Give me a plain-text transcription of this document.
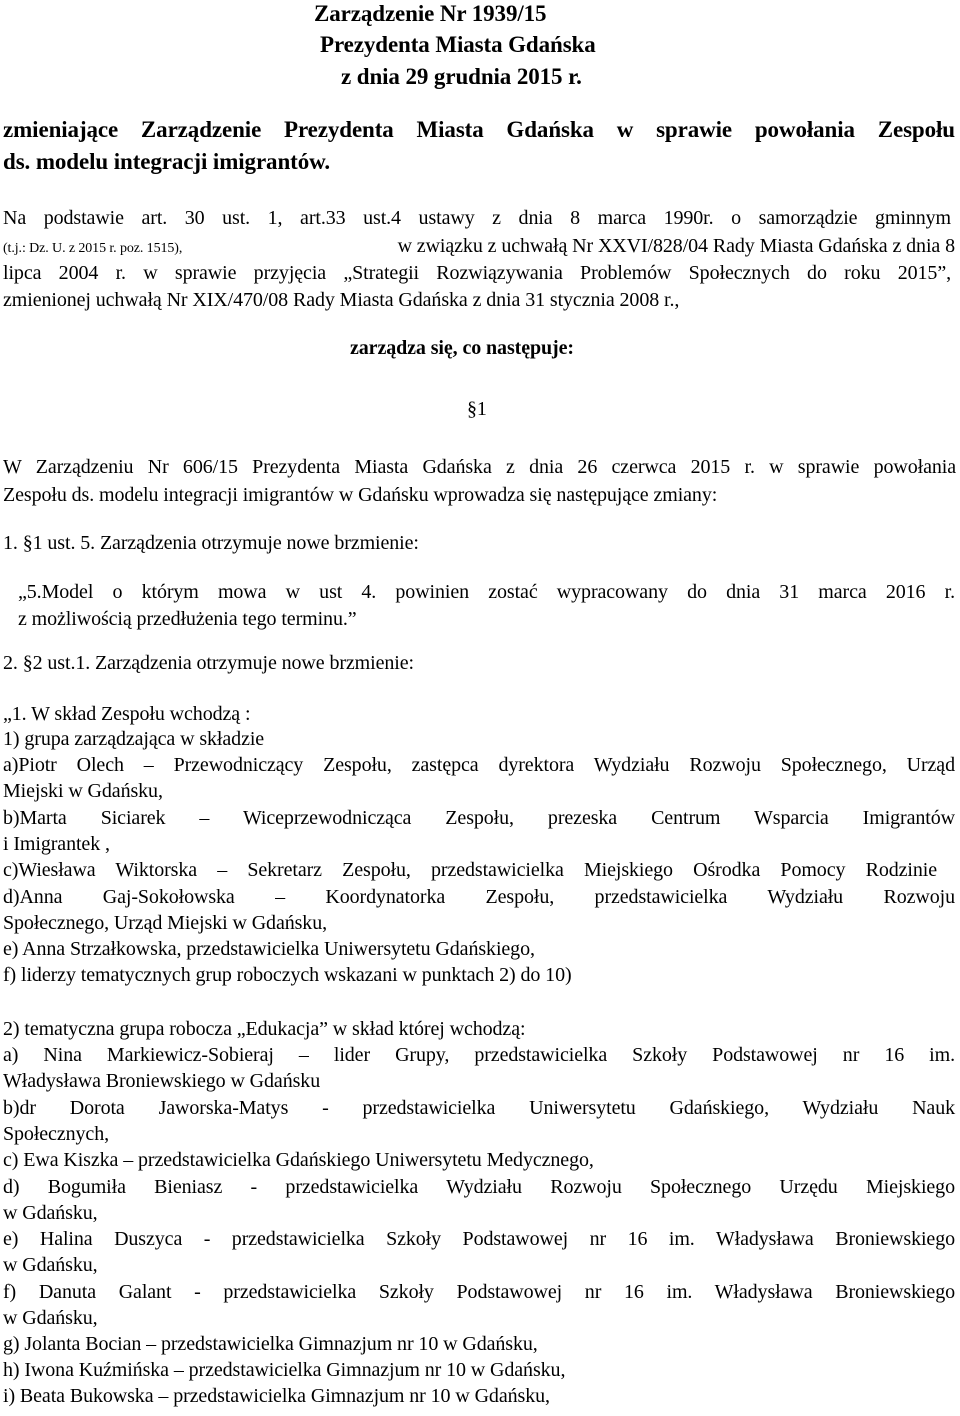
Zarządzenie Nr 1939/15
Prezydenta Miasta Gdańska
z dnia 29 grudnia 2015 r.
zmieniające Zarządzenie Prezydenta Miasta Gdańska w sprawie powołania Zespołu
ds. modelu integracji imigrantów.
Na podstawie art. 30 ust. 1, art.33 ust.4 ustawy z dnia 8 marca 1990r. o samorządzie gminnym
(t.j.: Dz. U. z 2015 r. poz. 1515),	w związku z uchwałą Nr XXVI/828/04 Rady Miasta Gdańska z dnia 8
lipca 2004 r. w sprawie przyjęcia „Strategii Rozwiązywania Problemów Społecznych do roku 2015”,
zmienionej uchwałą Nr XIX/470/08 Rady Miasta Gdańska z dnia 31 stycznia 2008 r.,
zarządza się, co następuje:
§1
W Zarządzeniu Nr 606/15 Prezydenta Miasta Gdańska z dnia 26 czerwca 2015 r. w sprawie powołania
Zespołu ds. modelu integracji imigrantów w Gdańsku wprowadza się następujące zmiany:
1. §1 ust. 5. Zarządzenia otrzymuje nowe brzmienie:
„5.Model o którym mowa w ust 4. powinien zostać wypracowany do dnia 31 marca 2016 r.
z możliwością przedłużenia tego terminu.”
2. §2 ust.1. Zarządzenia otrzymuje nowe brzmienie:
„1. W skład Zespołu wchodzą :
1) grupa zarządzająca w składzie
a)Piotr Olech – Przewodniczący Zespołu, zastępca dyrektora Wydziału Rozwoju Społecznego, Urząd
Miejski w Gdańsku,
b)Marta Siciarek – Wiceprzewodnicząca Zespołu, prezeska Centrum Wsparcia Imigrantów
i Imigrantek ,
c)Wiesława Wiktorska – Sekretarz Zespołu, przedstawicielka Miejskiego Ośrodka Pomocy Rodzinie
d)Anna Gaj-Sokołowska – Koordynatorka Zespołu, przedstawicielka Wydziału Rozwoju
Społecznego, Urząd Miejski w Gdańsku,
e) Anna Strzałkowska, przedstawicielka Uniwersytetu Gdańskiego,
f) liderzy tematycznych grup roboczych wskazani w punktach 2) do 10)
2) tematyczna grupa robocza „Edukacja” w skład której wchodzą:
a) Nina Markiewicz-Sobieraj – lider Grupy, przedstawicielka Szkoły Podstawowej nr 16 im.
Władysława Broniewskiego w Gdańsku
b)dr Dorota Jaworska-Matys - przedstawicielka Uniwersytetu Gdańskiego, Wydziału Nauk
Społecznych,
c) Ewa Kiszka – przedstawicielka Gdańskiego Uniwersytetu Medycznego,
d) Bogumiła Bieniasz - przedstawicielka Wydziału Rozwoju Społecznego Urzędu Miejskiego
w Gdańsku,
e) Halina Duszyca - przedstawicielka Szkoły Podstawowej nr 16 im. Władysława Broniewskiego
w Gdańsku,
f) Danuta Galant - przedstawicielka Szkoły Podstawowej nr 16 im. Władysława Broniewskiego
w Gdańsku,
g) Jolanta Bocian – przedstawicielka Gimnazjum nr 10 w Gdańsku,
h) Iwona Kuźmińska – przedstawicielka Gimnazjum nr 10 w Gdańsku,
i) Beata Bukowska – przedstawicielka Gimnazjum nr 10 w Gdańsku,
